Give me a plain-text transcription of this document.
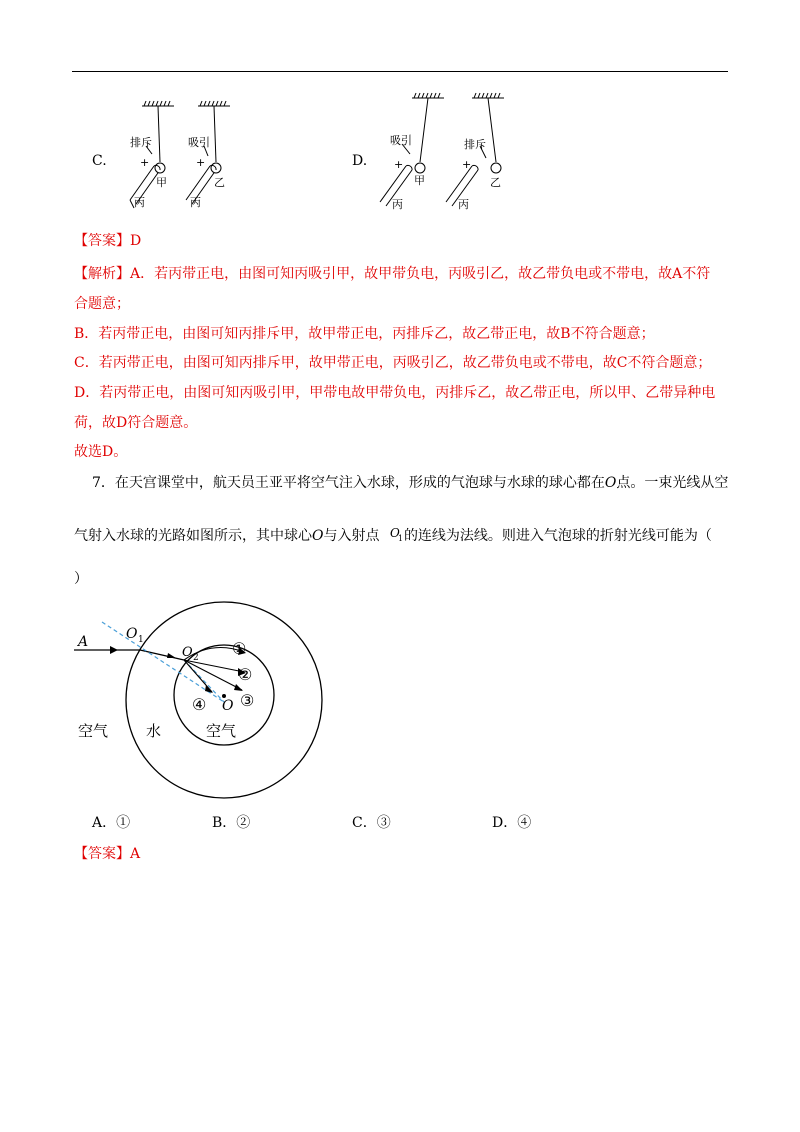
C.
排斥	吸引
+	+
甲	乙
丙	丙
D.
吸引	排斥
+	+
甲	乙
丙	丙
【答案】D
【解析】A．若丙带正电，由图可知丙吸引甲，故甲带负电，丙吸引乙，故乙带负电或不带电，故A不符
合题意；
B．若丙带正电，由图可知丙排斥甲，故甲带正电，丙排斥乙，故乙带正电，故B不符合题意；
C．若丙带正电，由图可知丙排斥甲，故甲带正电，丙吸引乙，故乙带负电或不带电，故C不符合题意；
D．若丙带正电，由图可知丙吸引甲，甲带电故甲带负电，丙排斥乙，故乙带正电，所以甲、乙带异种电
荷，故D符合题意。
故选D。
7．在天宫课堂中，航天员王亚平将空气注入水球，形成的气泡球与水球的球心都在O点。一束光线从空
气射入水球的光路如图所示，其中球心O与入射点 O
1 的连线为法线。则进入气泡球的折射光线可能为（
）
A	O 1
O 2
O
①
②
③
④
空气	水	空气
A．①	B．②	C．③	D．④
【答案】A
